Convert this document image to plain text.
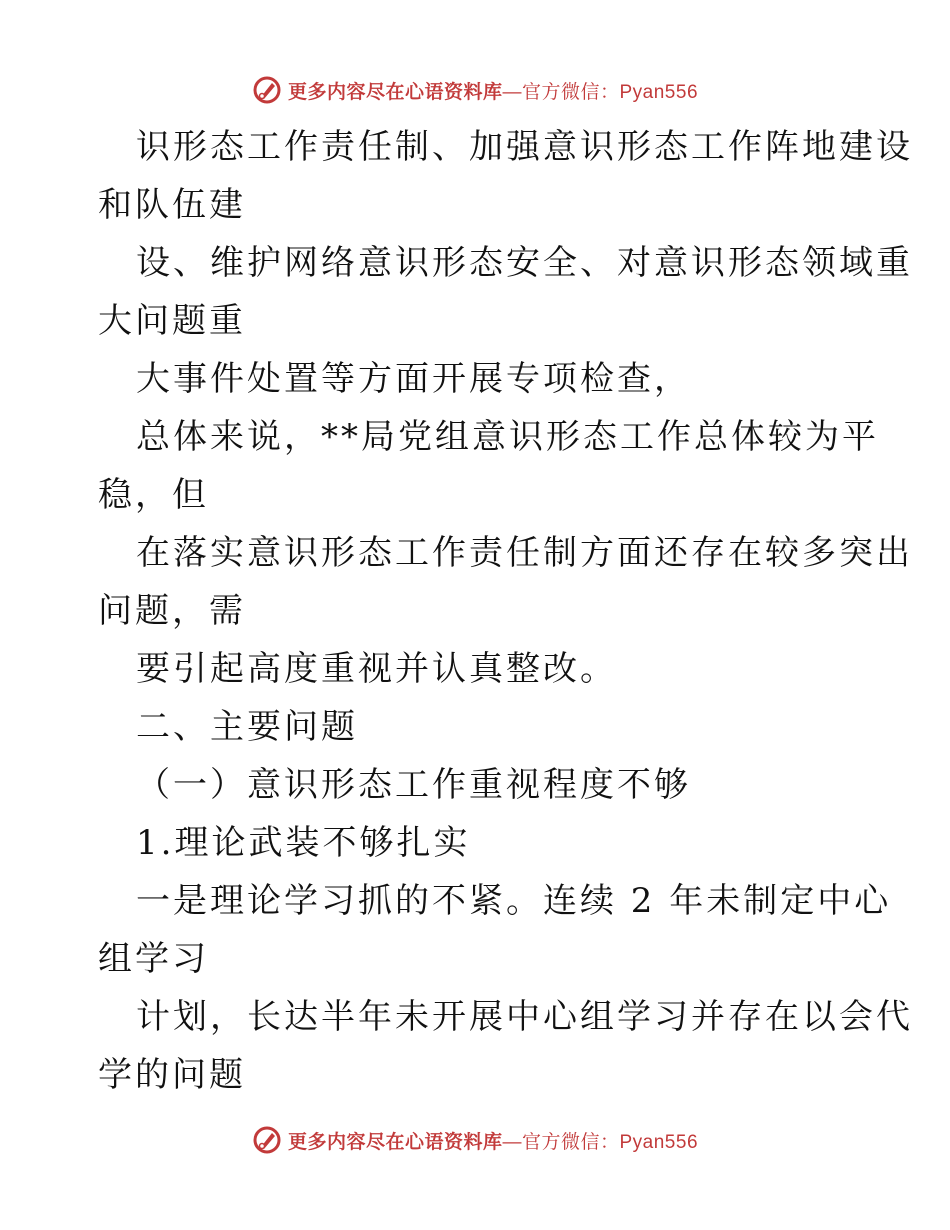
更多内容尽在心语资料库 —官方微信：Pyan556
识形态工作责任制、加强意识形态工作阵地建设
和队伍建
设、维护网络意识形态安全、对意识形态领域重
大问题重
大事件处置等方面开展专项检查，
总体来说，**局党组意识形态工作总体较为平
稳，但
在落实意识形态工作责任制方面还存在较多突出
问题，需
要引起高度重视并认真整改。
二、主要问题
（一）意识形态工作重视程度不够
1.理论武装不够扎实
一是理论学习抓的不紧。连续 2 年未制定中心
组学习
计划，长达半年未开展中心组学习并存在以会代
学的问题
更多内容尽在心语资料库 —官方微信：Pyan556
